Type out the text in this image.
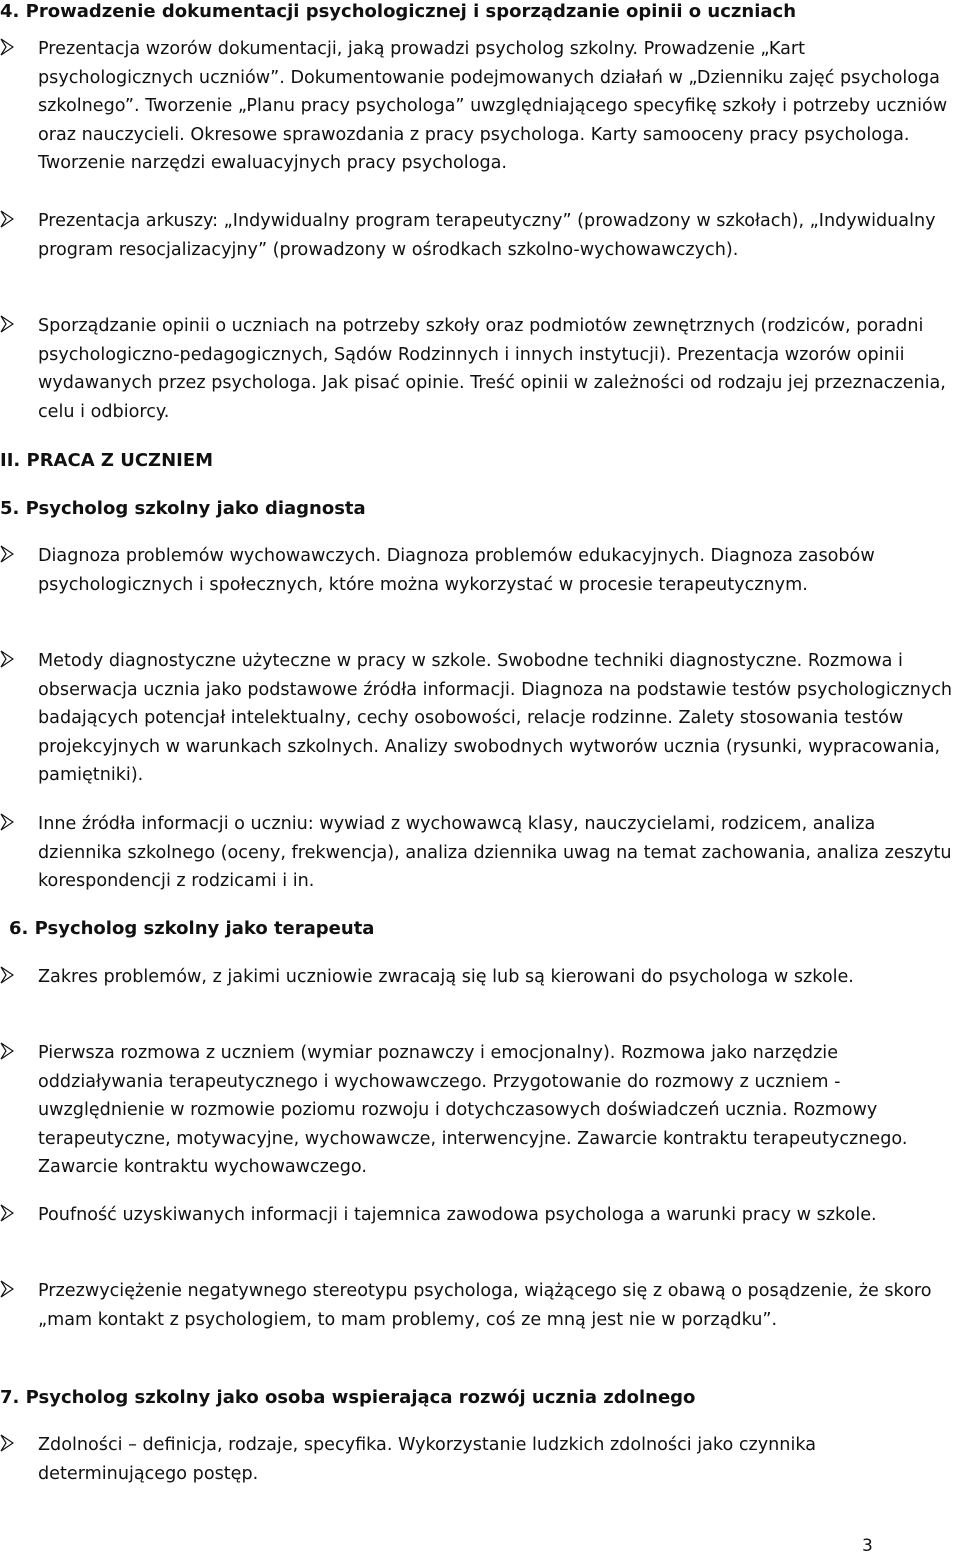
4. Prowadzenie dokumentacji psychologicznej i sporządzanie opinii o uczniach

Prezentacja wzorów dokumentacji, jaką prowadzi psycholog szkolny. Prowadzenie „Kart psychologicznych uczniów”. Dokumentowanie podejmowanych działań w „Dzienniku zajęć psychologa szkolnego”. Tworzenie „Planu pracy psychologa” uwzględniającego specyfikę szkoły i potrzeby uczniów oraz nauczycieli. Okresowe sprawozdania z pracy psychologa. Karty samooceny pracy psychologa. Tworzenie narzędzi ewaluacyjnych pracy psychologa.

Prezentacja arkuszy: „Indywidualny program terapeutyczny” (prowadzony w szkołach), „Indywidualny program resocjalizacyjny” (prowadzony w ośrodkach szkolno-wychowawczych).

Sporządzanie opinii o uczniach na potrzeby szkoły oraz podmiotów zewnętrznych (rodziców, poradni psychologiczno-pedagogicznych, Sądów Rodzinnych i innych instytucji). Prezentacja wzorów opinii wydawanych przez psychologa. Jak pisać opinie. Treść opinii w zależności od rodzaju jej przeznaczenia, celu i odbiorcy.

II. PRACA Z UCZNIEM
5. Psycholog szkolny jako diagnosta

Diagnoza problemów wychowawczych. Diagnoza problemów edukacyjnych. Diagnoza zasobów psychologicznych i społecznych, które można wykorzystać w procesie terapeutycznym.

Metody diagnostyczne użyteczne w pracy w szkole. Swobodne techniki diagnostyczne. Rozmowa i obserwacja ucznia jako podstawowe źródła informacji. Diagnoza na podstawie testów psychologicznych badających potencjał intelektualny, cechy osobowości, relacje rodzinne. Zalety stosowania testów projekcyjnych w warunkach szkolnych. Analizy swobodnych wytworów ucznia (rysunki, wypracowania, pamiętniki).

Inne źródła informacji o uczniu: wywiad z wychowawcą klasy, nauczycielami, rodzicem, analiza dziennika szkolnego (oceny, frekwencja), analiza dziennika uwag na temat zachowania, analiza zeszytu korespondencji z rodzicami i in.

6. Psycholog szkolny jako terapeuta

Zakres problemów, z jakimi uczniowie zwracają się lub są kierowani do psychologa w szkole.

Pierwsza rozmowa z uczniem (wymiar poznawczy i emocjonalny). Rozmowa jako narzędzie oddziaływania terapeutycznego i wychowawczego. Przygotowanie do rozmowy z uczniem - uwzględnienie w rozmowie poziomu rozwoju i dotychczasowych doświadczeń ucznia. Rozmowy terapeutyczne, motywacyjne, wychowawcze, interwencyjne. Zawarcie kontraktu terapeutycznego. Zawarcie kontraktu wychowawczego.

Poufność uzyskiwanych informacji i tajemnica zawodowa psychologa a warunki pracy w szkole.

Przezwyciężenie negatywnego stereotypu psychologa, wiążącego się z obawą o posądzenie, że skoro „mam kontakt z psychologiem, to mam problemy, coś ze mną jest nie w porządku”.

7. Psycholog szkolny jako osoba wspierająca rozwój ucznia zdolnego

Zdolności – definicja, rodzaje, specyfika. Wykorzystanie ludzkich zdolności jako czynnika determinującego postęp.

3
